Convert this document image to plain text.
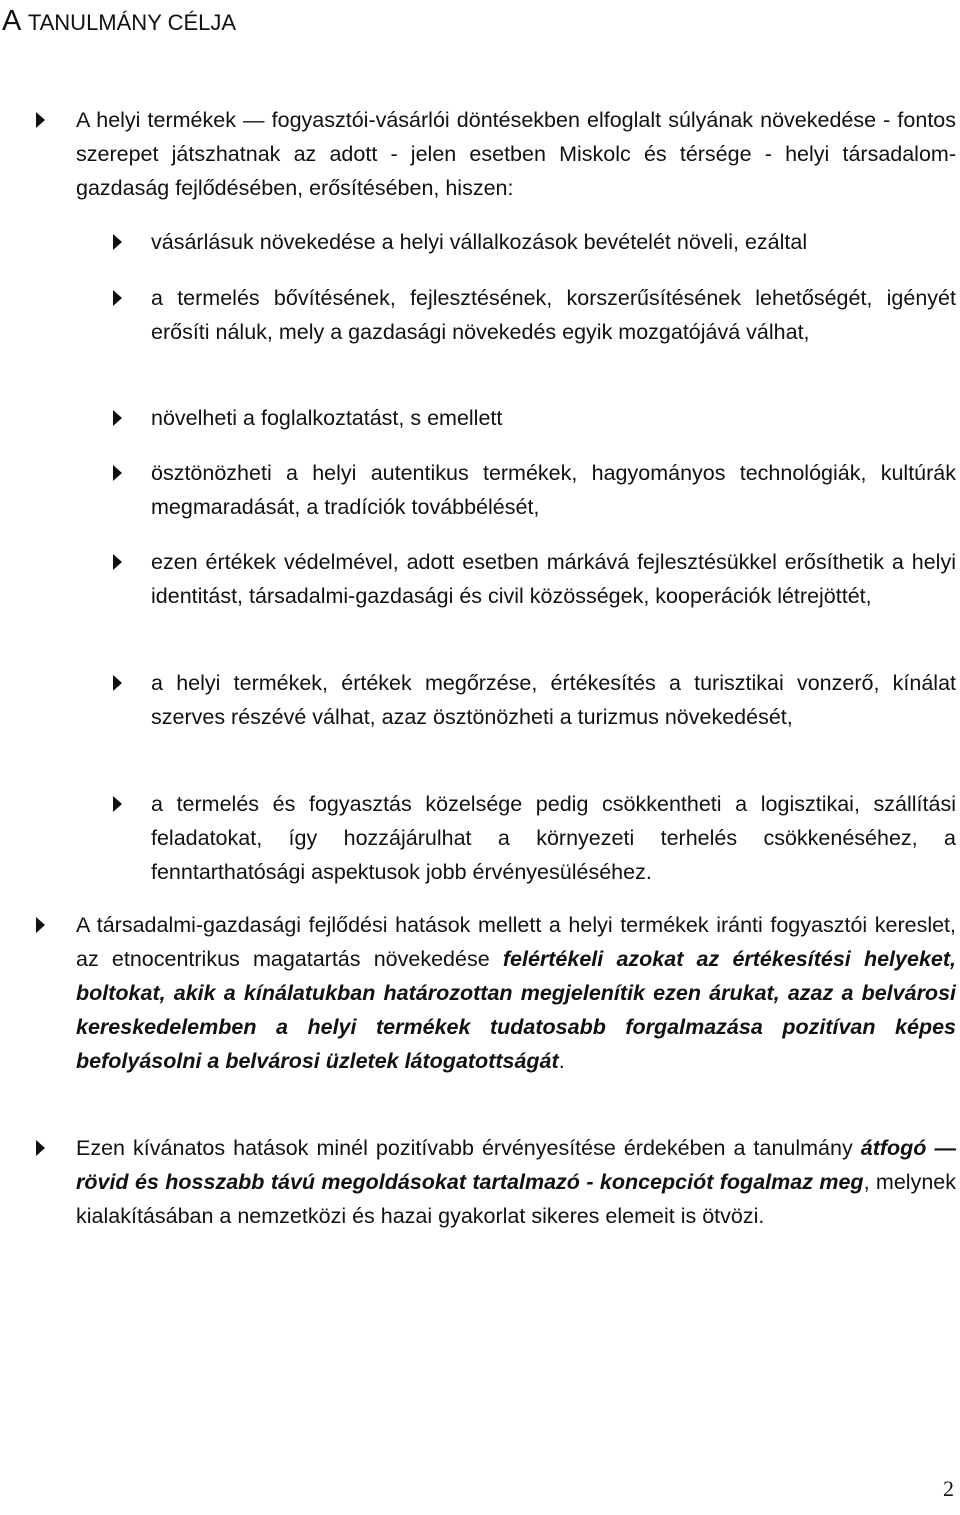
A TANULMÁNY CÉLJA
A helyi termékek — fogyasztói-vásárlói döntésekben elfoglalt súlyának növekedése - fontos szerepet játszhatnak az adott - jelen esetben Miskolc és térsége - helyi társadalom-gazdaság fejlődésében, erősítésében, hiszen:
vásárlásuk növekedése a helyi vállalkozások bevételét növeli, ezáltal
a termelés bővítésének, fejlesztésének, korszerűsítésének lehetőségét, igényét erősíti náluk, mely a gazdasági növekedés egyik mozgatójává válhat,
növelheti a foglalkoztatást, s emellett
ösztönözheti a helyi autentikus termékek, hagyományos technológiák, kultúrák megmaradását, a tradíciók továbbélését,
ezen értékek védelmével, adott esetben márkává fejlesztésükkel erősíthetik a helyi identitást, társadalmi-gazdasági és civil közösségek, kooperációk létrejöttét,
a helyi termékek, értékek megőrzése, értékesítés a turisztikai vonzerő, kínálat szerves részévé válhat, azaz ösztönözheti a turizmus növekedését,
a termelés és fogyasztás közelsége pedig csökkentheti a logisztikai, szállítási feladatokat, így hozzájárulhat a környezeti terhelés csökkenéséhez, a fenntarthatósági aspektusok jobb érvényesüléséhez.
A társadalmi-gazdasági fejlődési hatások mellett a helyi termékek iránti fogyasztói kereslet, az etnocentrikus magatartás növekedése felértékeli azokat az értékesítési helyeket, boltokat, akik a kínálatukban határozottan megjelenítik ezen árukat, azaz a belvárosi kereskedelemben a helyi termékek tudatosabb forgalmazása pozitívan képes befolyásolni a belvárosi üzletek látogatottságát.
Ezen kívánatos hatások minél pozitívabb érvényesítése érdekében a tanulmány átfogó — rövid és hosszabb távú megoldásokat tartalmazó - koncepciót fogalmaz meg, melynek kialakításában a nemzetközi és hazai gyakorlat sikeres elemeit is ötvözi.
2
